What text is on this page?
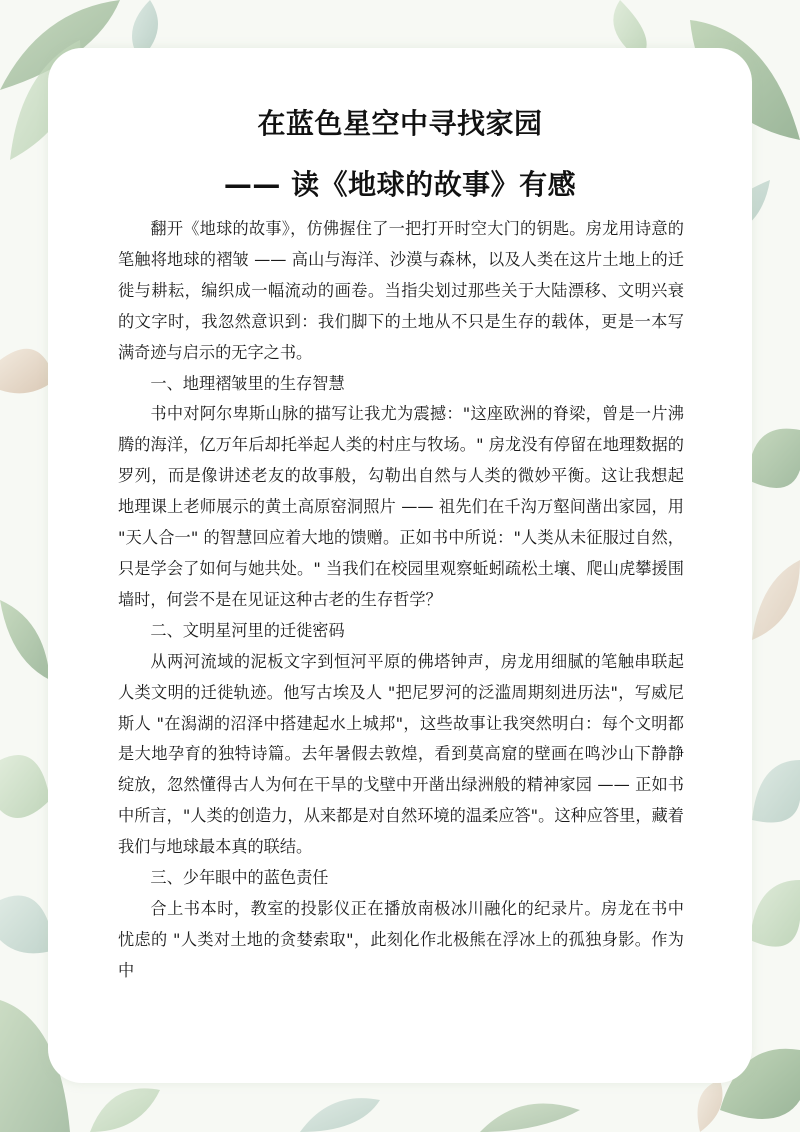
在蓝色星空中寻找家园
—— 读《地球的故事》有感

翻开《地球的故事》，仿佛握住了一把打开时空大门的钥匙。房龙用诗意的笔触将地球的褶皱 —— 高山与海洋、沙漠与森林，以及人类在这片土地上的迁徙与耕耘，编织成一幅流动的画卷。当指尖划过那些关于大陆漂移、文明兴衰的文字时，我忽然意识到：我们脚下的土地从不只是生存的载体，更是一本写满奇迹与启示的无字之书。

一、地理褶皱里的生存智慧

书中对阿尔卑斯山脉的描写让我尤为震撼："这座欧洲的脊梁，曾是一片沸腾的海洋，亿万年后却托举起人类的村庄与牧场。" 房龙没有停留在地理数据的罗列，而是像讲述老友的故事般，勾勒出自然与人类的微妙平衡。这让我想起地理课上老师展示的黄土高原窑洞照片 —— 祖先们在千沟万壑间凿出家园，用 "天人合一" 的智慧回应着大地的馈赠。正如书中所说："人类从未征服过自然，只是学会了如何与她共处。" 当我们在校园里观察蚯蚓疏松土壤、爬山虎攀援围墙时，何尝不是在见证这种古老的生存哲学？

二、文明星河里的迁徙密码

从两河流域的泥板文字到恒河平原的佛塔钟声，房龙用细腻的笔触串联起人类文明的迁徙轨迹。他写古埃及人 "把尼罗河的泛滥周期刻进历法"，写威尼斯人 "在潟湖的沼泽中搭建起水上城邦"，这些故事让我突然明白：每个文明都是大地孕育的独特诗篇。去年暑假去敦煌，看到莫高窟的壁画在鸣沙山下静静绽放，忽然懂得古人为何在干旱的戈壁中开凿出绿洲般的精神家园 —— 正如书中所言，"人类的创造力，从来都是对自然环境的温柔应答"。这种应答里，藏着我们与地球最本真的联结。

三、少年眼中的蓝色责任

合上书本时，教室的投影仪正在播放南极冰川融化的纪录片。房龙在书中忧虑的 "人类对土地的贪婪索取"，此刻化作北极熊在浮冰上的孤独身影。作为中
